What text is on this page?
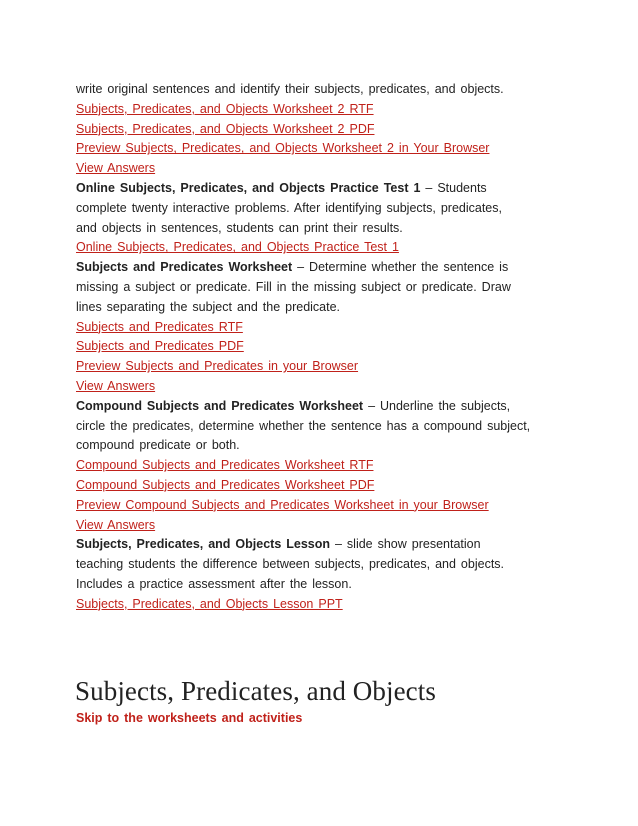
write original sentences and identify their subjects, predicates, and objects.
Subjects, Predicates, and Objects Worksheet 2 RTF
Subjects, Predicates, and Objects Worksheet 2 PDF
Preview Subjects, Predicates, and Objects Worksheet 2 in Your Browser
View Answers
Online Subjects, Predicates, and Objects Practice Test 1 – Students
complete twenty interactive problems. After identifying subjects, predicates,
and objects in sentences, students can print their results.
Online Subjects, Predicates, and Objects Practice Test 1
Subjects and Predicates Worksheet – Determine whether the sentence is
missing a subject or predicate. Fill in the missing subject or predicate. Draw
lines separating the subject and the predicate.
Subjects and Predicates RTF
Subjects and Predicates PDF
Preview Subjects and Predicates in your Browser
View Answers
Compound Subjects and Predicates Worksheet – Underline the subjects,
circle the predicates, determine whether the sentence has a compound subject,
compound predicate or both.
Compound Subjects and Predicates Worksheet RTF
Compound Subjects and Predicates Worksheet PDF
Preview Compound Subjects and Predicates Worksheet in your Browser
View Answers
Subjects, Predicates, and Objects Lesson – slide show presentation
teaching students the difference between subjects, predicates, and objects.
Includes a practice assessment after the lesson.
Subjects, Predicates, and Objects Lesson PPT
Subjects, Predicates, and Objects
Skip to the worksheets and activities
